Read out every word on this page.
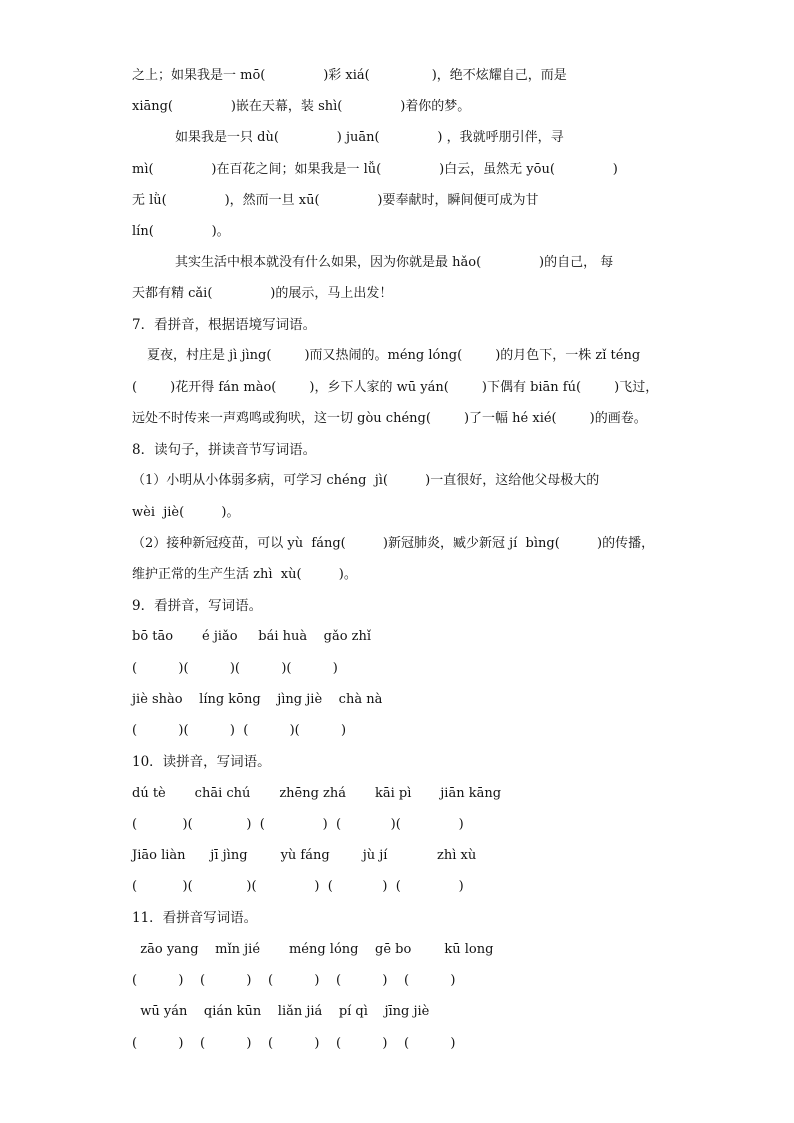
之上；如果我是一 mō(              )彩 xiá(               )，绝不炫耀自己，而是
xiāng(              )嵌在天幕，装 shì(              )着你的梦。
如果我是一只 dù(              ) juān(              ) ，我就呼朋引伴，寻
mì(              )在百花之间；如果我是一 lǚ(              )白云，虽然无 yōu(              )
无 lǜ(              )，然而一旦 xū(              )要奉献时，瞬间便可成为甘
lín(              )。
其实生活中根本就没有什么如果，因为你就是最 hǎo(              )的自己， 每
天都有精 cǎi(              )的展示，马上出发！
7．看拼音，根据语境写词语。
夏夜，村庄是 jì jìng(        )而又热闹的。méng lóng(        )的月色下，一株 zǐ téng
(        )花开得 fán mào(        )，乡下人家的 wū yán(        )下偶有 biān fú(        )飞过，
远处不时传来一声鸡鸣或狗吠，这一切 gòu chéng(        )了一幅 hé xié(        )的画卷。
8．读句子，拼读音节写词语。
（1）小明从小体弱多病，可学习 chéng  jì(         )一直很好，这给他父母极大的
wèi  jiè(         )。
（2）接种新冠疫苗，可以 yù  fáng(         )新冠肺炎，臧少新冠 jí  bìng(         )的传播，
维护正常的生产生活 zhì  xù(         )。
9．看拼音，写词语。
bō tāo       é jiǎo     bái huà    gǎo zhǐ
(          )(          )(          )(          )
jiè shào    líng kōng    jìng jiè    chà nà
(          )(          )  (          )(          )
10．读拼音，写词语。
dú tè       chāi chú       zhēng zhá       kāi pì       jiān kāng
(           )(             )  (              )  (            )(              )
Jiāo liàn      jī jìng        yù fáng        jù jí            zhì xù
(           )(             )(              )  (            )  (              )
11．看拼音写词语。
zāo yang    mǐn jié       méng lóng    gē bo        kū long
(          )    (          )    (          )    (          )    (          )
wū yán    qián kūn    liǎn jiá    pí qì    jīng jiè
(          )    (          )    (          )    (          )    (          )
